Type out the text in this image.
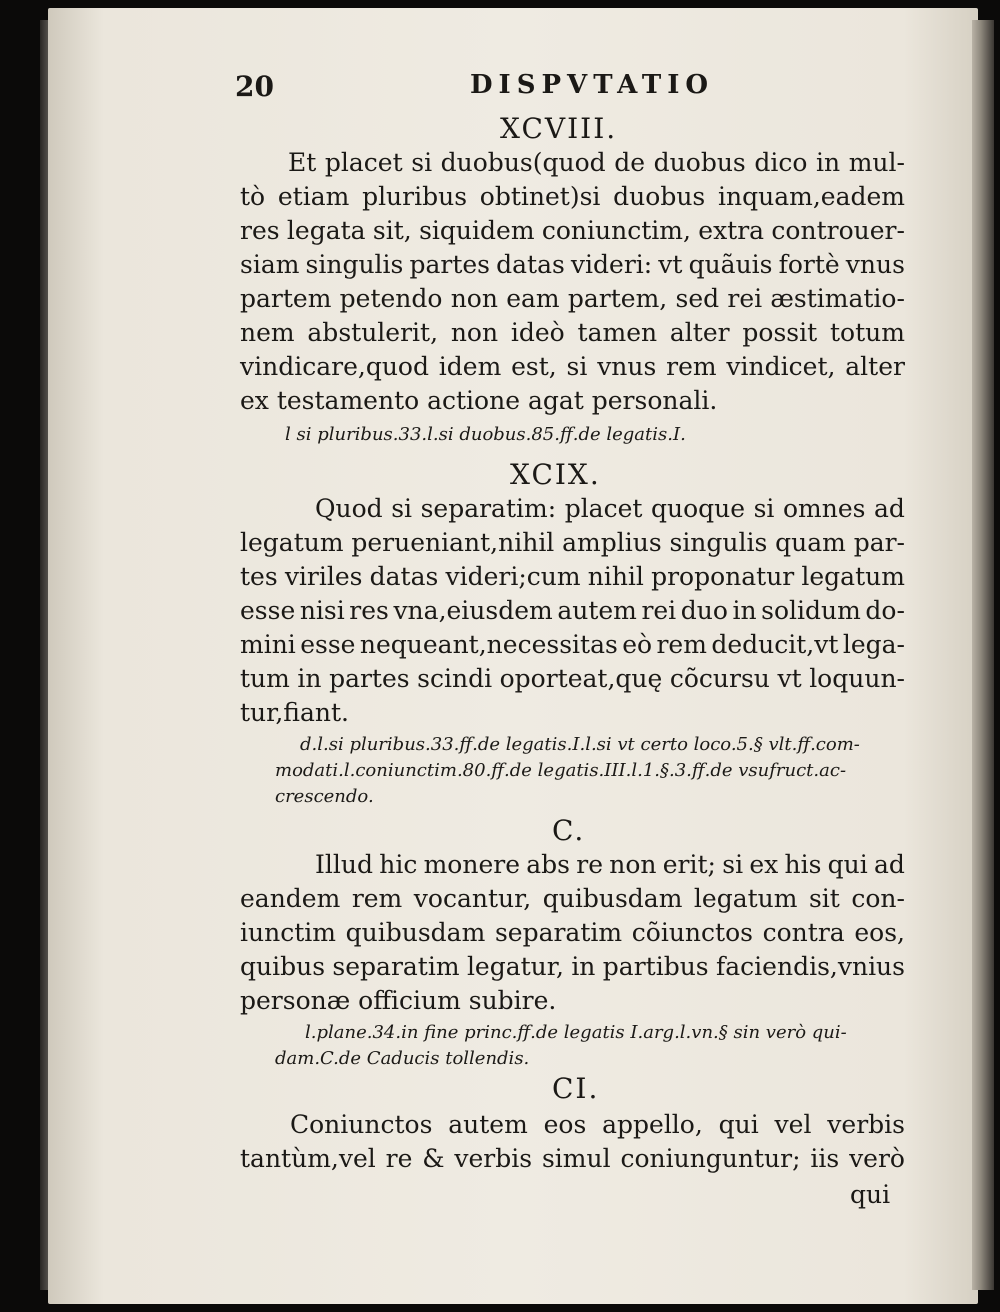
20	DISPVTATIO
XCVIII.
Et placet si duobus(quod de duobus dico in mul-
tò etiam pluribus obtinet)si duobus inquam,eadem
res legata sit, siquidem coniunctim, extra controuer-
siam singulis partes datas videri: vt quãuis fortè vnus
partem petendo non eam partem, sed rei æstimatio-
nem abstulerit, non ideò tamen alter possit totum
vindicare,quod idem est, si vnus rem vindicet, alter
ex testamento actione agat personali.
l si pluribus.33.l.si duobus.85.ff.de legatis.I.
XCIX.
Quod si separatim: placet quoque si omnes ad
legatum perueniant,nihil amplius singulis quam par-
tes viriles datas videri;cum nihil proponatur legatum
esse nisi res vna,eiusdem autem rei duo in solidum do-
mini esse nequeant,necessitas eò rem deducit,vt lega-
tum in partes scindi oporteat,quę cõcursu vt loquun-
tur,fiant.
d.l.si pluribus.33.ff.de legatis.I.l.si vt certo loco.5.§ vlt.ff.com-
modati.l.coniunctim.80.ff.de legatis.III.l.1.§.3.ff.de vsufruct.ac-
crescendo.
C.
Illud hic monere abs re non erit; si ex his qui ad
eandem rem vocantur, quibusdam legatum sit con-
iunctim quibusdam separatim cõiunctos contra eos,
quibus separatim legatur, in partibus faciendis,vnius
personæ officium subire.
l.plane.34.in fine princ.ff.de legatis I.arg.l.vn.§ sin verò qui-
dam.C.de Caducis tollendis.
CI.
Coniunctos autem eos appello, qui vel verbis
tantùm,vel re & verbis simul coniunguntur; iis verò
qui
